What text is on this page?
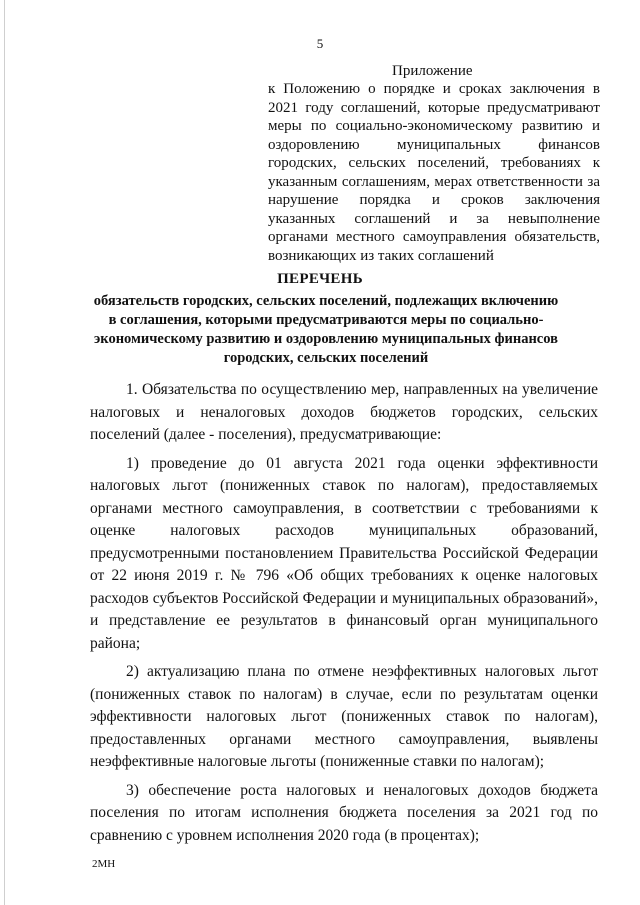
5
Приложение
к Положению о порядке и сроках заключения в 2021 году соглашений, которые предусматривают меры по социально-экономическому развитию и оздоровлению муниципальных финансов городских, сельских поселений, требованиях к указанным соглашениям, мерах ответственности за нарушение порядка и сроков заключения указанных соглашений и за невыполнение органами местного самоуправления обязательств, возникающих из таких соглашений
ПЕРЕЧЕНЬ
обязательств городских, сельских поселений, подлежащих включению в соглашения, которыми предусматриваются меры по социально-экономическому развитию и оздоровлению муниципальных финансов городских, сельских поселений

1. Обязательства по осуществлению мер, направленных на увеличение налоговых и неналоговых доходов бюджетов городских, сельских поселений (далее - поселения), предусматривающие:

1) проведение до 01 августа 2021 года оценки эффективности налоговых льгот (пониженных ставок по налогам), предоставляемых органами местного самоуправления, в соответствии с требованиями к оценке налоговых расходов муниципальных образований, предусмотренными постановлением Правительства Российской Федерации от 22 июня 2019 г. № 796 «Об общих требованиях к оценке налоговых расходов субъектов Российской Федерации и муниципальных образований», и представление ее результатов в финансовый орган муниципального района;

2) актуализацию плана по отмене неэффективных налоговых льгот (пониженных ставок по налогам) в случае, если по результатам оценки эффективности налоговых льгот (пониженных ставок по налогам), предоставленных органами местного самоуправления, выявлены неэффективные налоговые льготы (пониженные ставки по налогам);

3) обеспечение роста налоговых и неналоговых доходов бюджета поселения по итогам исполнения бюджета поселения за 2021 год по сравнению с уровнем исполнения 2020 года (в процентах);

2МН
